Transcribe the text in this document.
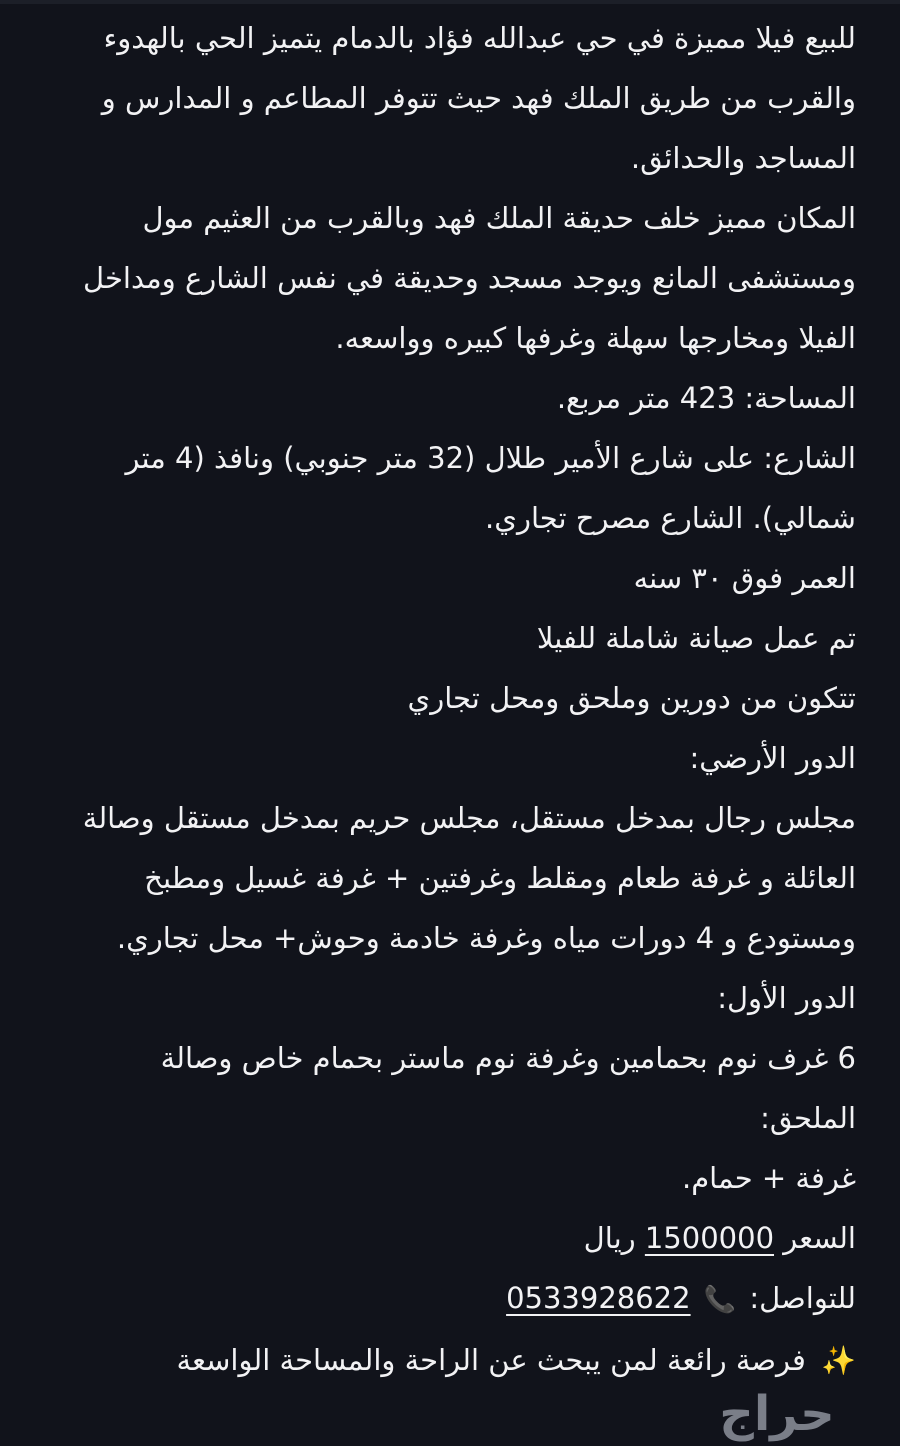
للبيع فيلا مميزة في حي عبدالله فؤاد بالدمام يتميز الحي بالهدوء والقرب من طريق الملك فهد حيث تتوفر المطاعم و المدارس و المساجد والحدائق.

المكان مميز خلف حديقة الملك فهد وبالقرب من العثيم مول ومستشفى المانع ويوجد مسجد وحديقة في نفس الشارع ومداخل الفيلا ومخارجها سهلة وغرفها كبيره وواسعه.

المساحة: 423 متر مربع.

الشارع: على شارع الأمير طلال (32 متر جنوبي) ونافذ (4 متر شمالي). الشارع مصرح تجاري.

العمر فوق ٣٠ سنه

تم عمل صيانة شاملة للفيلا

تتكون من دورين وملحق ومحل تجاري

الدور الأرضي:

مجلس رجال بمدخل مستقل، مجلس حريم بمدخل مستقل وصالة العائلة و غرفة طعام ومقلط وغرفتين + غرفة غسيل ومطبخ ومستودع و 4 دورات مياه وغرفة خادمة وحوش+ محل تجاري.

الدور الأول:

6 غرف نوم بحمامين وغرفة نوم ماستر بحمام خاص وصالة

الملحق:

غرفة + حمام.

السعر 1500000 ريال

للتواصل: 📞 0533928622

✨ فرصة رائعة لمن يبحث عن الراحة والمساحة الواسعة

حراج
